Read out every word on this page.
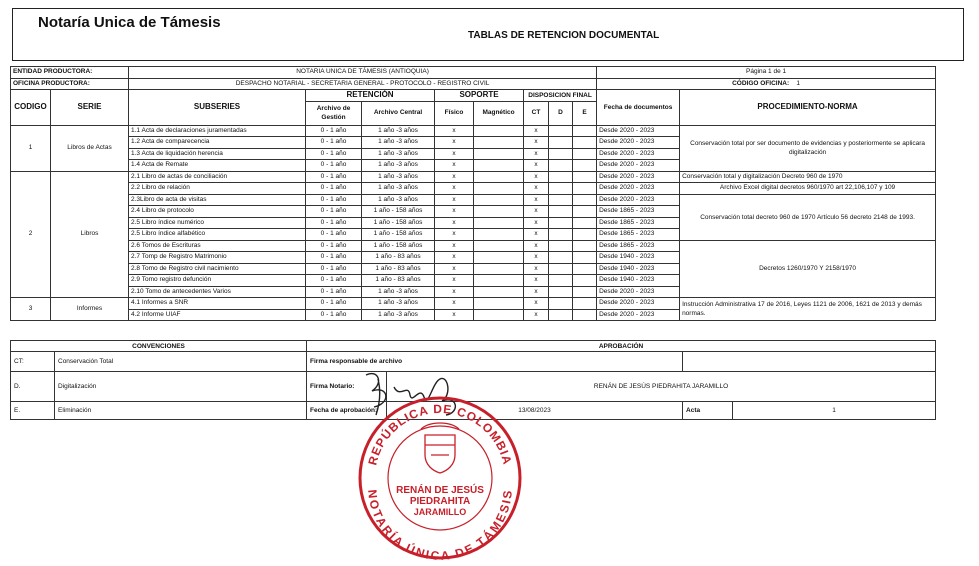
Notaría Unica de Támesis
TABLAS DE RETENCION DOCUMENTAL
ENTIDAD PRODUCTORA:		NOTARIA UNICA DE TÁMESIS (ANTIOQUIA)								Página 1 de 1	
OFICINA PRODUCTORA:		DESPACHO NOTARIAL - SECRETARIA GENERAL - PROTOCOLO - REGISTRO CIVIL								CÓDIGO OFICINA: 1	
CODIGO	SERIE	SUBSERIES	RETENCIÓN		SOPORTE		DISPOSICION FINAL			Fecha de documentos	PROCEDIMIENTO-NORMA
			Archivo de Gestión	Archivo Central	Físico	Magnético	CT	D	E		
1	Libros de Actas	1.1 Acta de declaraciones juramentadas	0 - 1 año	1 año -3 años	x		x			Desde 2020 - 2023	Conservación total por ser documento de evidencias y posteriormente se aplicara digitalización
		1.2 Acta de comparecencia	0 - 1 año	1 año -3 años	x		x			Desde 2020 - 2023	
		1.3 Acta de liquidación herencia	0 - 1 año	1 año -3 años	x		x			Desde 2020 - 2023	
		1.4 Acta de Remate	0 - 1 año	1 año -3 años	x		x			Desde 2020 - 2023	
2	Libros	2.1 Libro de actas de conciliación	0 - 1 año	1 año -3 años	x		x			Desde 2020 - 2023	Conservación total y digitalización Decreto 960 de 1970
		2.2 Libro de relación	0 - 1 año	1 año -3 años	x		x			Desde 2020 - 2023	Archivo Excel digital decretos 960/1970 art 22,106,107 y 109
		2.3Libro de acta de visitas	0 - 1 año	1 año -3 años	x		x			Desde 2020 - 2023	Conservación total decreto 960 de 1970 Artículo 56 decreto 2148 de 1993.
		2.4 Libro de protocolo	0 - 1 año	1 año - 158 años	x		x			Desde 1865 - 2023	
		2.5 Libro índice numérico	0 - 1 año	1 año - 158 años	x		x			Desde 1865 - 2023	
		2.5 Libro índice alfabético	0 - 1 año	1 año - 158 años	x		x			Desde 1865 - 2023	
		2.6 Tomos de Escrituras	0 - 1 año	1 año - 158 años	x		x			Desde 1865 - 2023	Decretos 1260/1970 Y 2158/1970
		2.7 Tomp de Registro Matrimonio	0 - 1 año	1 año - 83 años	x		x			Desde 1940 - 2023	
		2.8 Tomo de Registro civil nacimiento	0 - 1 año	1 año - 83 años	x		x			Desde 1940 - 2023	
		2.9 Tomo registro defunción	0 - 1 año	1 año - 83 años	x		x			Desde 1940 - 2023	
		2.10 Tomo de antecedentes Varios	0 - 1 año	1 año -3 años	x		x			Desde 2020 - 2023	
3	Informes	4.1 Informes a SNR	0 - 1 año	1 año -3 años	x		x			Desde 2020 - 2023	Instrucción Administrativa 17 de 2016, Leyes 1121 de 2006, 1621 de 2013 y demás normas.
		4.2 Informe UIAF	0 - 1 año	1 año -3 años	x		x			Desde 2020 - 2023	
CONVENCIONES		APROBACIÓN			
CT:	Conservación Total	Firma responsable de archivo			
D.	Digitalización	Firma Notario:	RENÁN DE JESÚS PIEDRAHITA JARAMILLO		
E.	Eliminación	Fecha de aprobación:	13/08/2023	Acta	1
REPÚBLICA DE COLOMBIA
NOTARÍA ÚNICA DE TÁMESIS
RENÁN DE JESÚS
PIEDRAHITA
JARAMILLO
